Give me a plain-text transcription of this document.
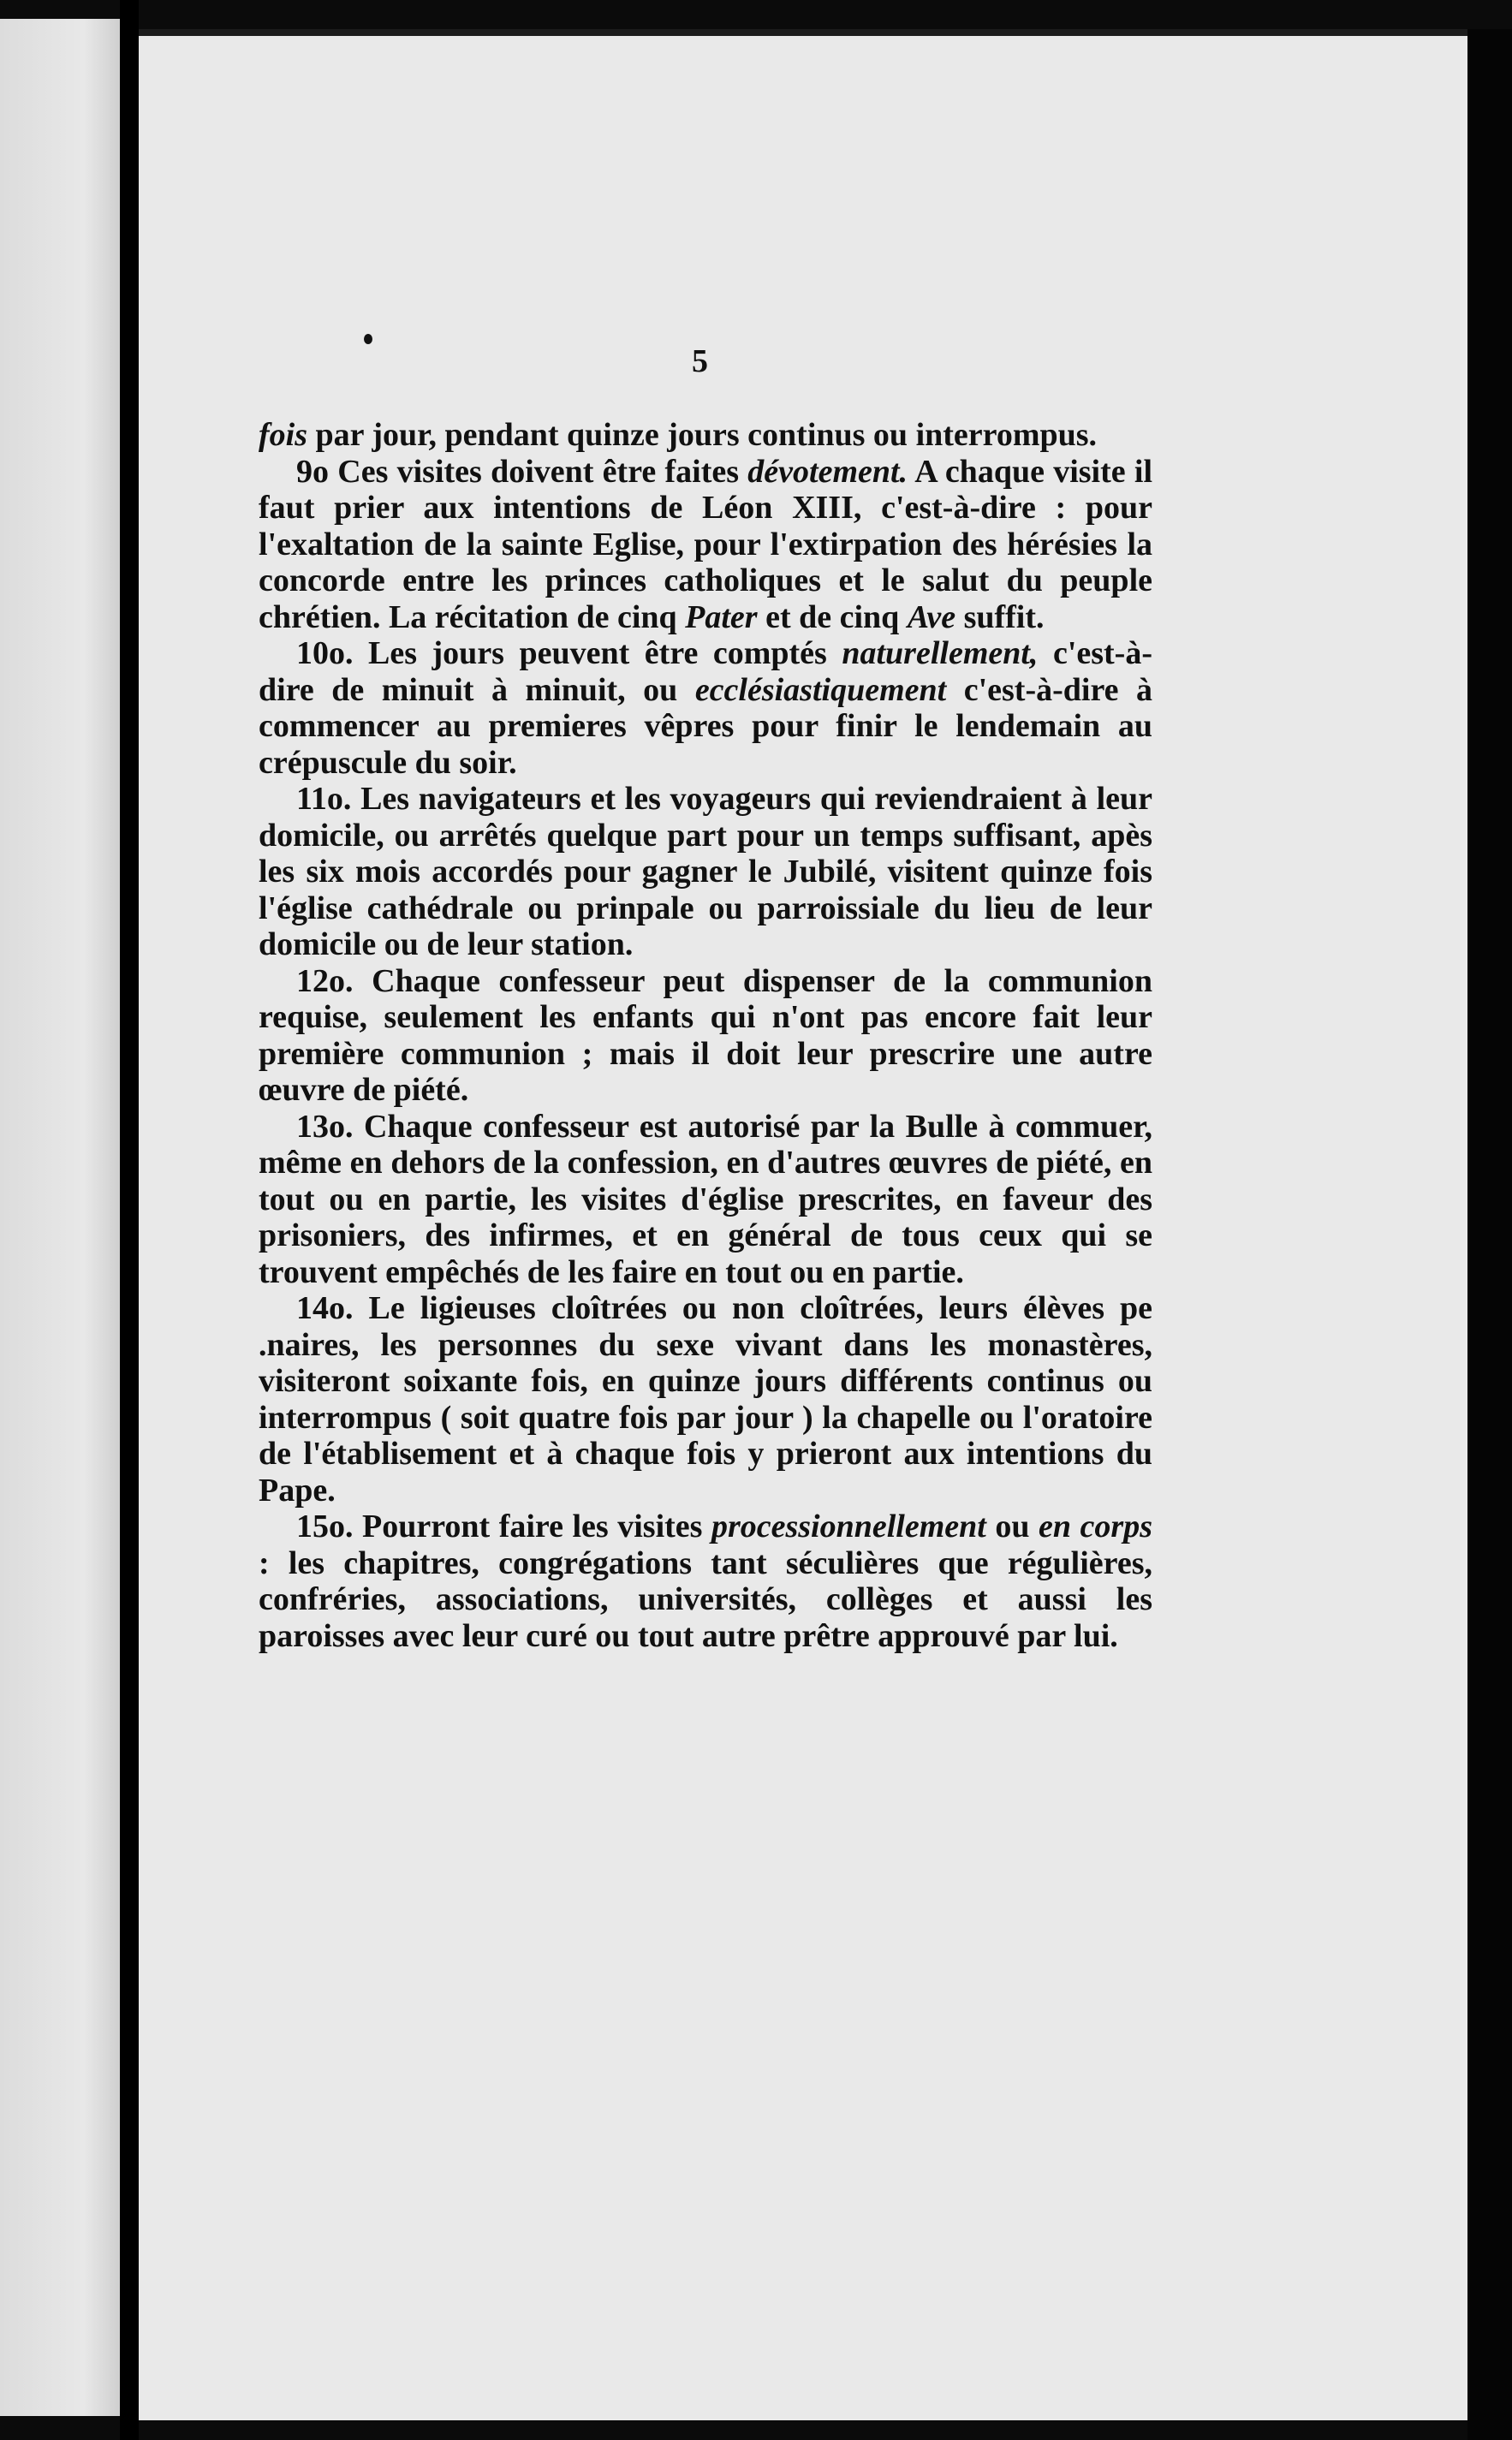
5

fois par jour, pendant quinze jours continus ou interrompus.

9o Ces visites doivent être faites dévotement. A chaque visite il faut prier aux intentions de Léon XIII, c'est-à-dire : pour l'exaltation de la sainte Eglise, pour l'extirpation des hérésies la concorde entre les princes catholiques et le salut du peuple chrétien. La récitation de cinq Pater et de cinq Ave suffit.

10o. Les jours peuvent être comptés naturellement, c'est-à-dire de minuit à minuit, ou ecclésiastiquement c'est-à-dire à commencer au premieres vêpres pour finir le lendemain au crépuscule du soir.

11o. Les navigateurs et les voyageurs qui reviendraient à leur domicile, ou arrêtés quelque part pour un temps suffisant, apès les six mois accordés pour gagner le Jubilé, visitent quinze fois l'église cathédrale ou prinpale ou parroissiale du lieu de leur domicile ou de leur station.

12o. Chaque confesseur peut dispenser de la communion requise, seulement les enfants qui n'ont pas encore fait leur première communion ; mais il doit leur prescrire une autre œuvre de piété.

13o. Chaque confesseur est autorisé par la Bulle à commuer, même en dehors de la confession, en d'autres œuvres de piété, en tout ou en partie, les visites d'église prescrites, en faveur des prisoniers, des infirmes, et en général de tous ceux qui se trouvent empêchés de les faire en tout ou en partie.

14o. Le ligieuses cloîtrées ou non cloîtrées, leurs élèves pe .naires, les personnes du sexe vivant dans les monastères, visiteront soixante fois, en quinze jours différents continus ou interrompus ( soit quatre fois par jour ) la chapelle ou l'oratoire de l'établisement et à chaque fois y prieront aux intentions du Pape.

15o. Pourront faire les visites processionnellement ou en corps : les chapitres, congrégations tant séculières que régulières, confréries, associations, universités, collèges et aussi les paroisses avec leur curé ou tout autre prêtre approuvé par lui.
